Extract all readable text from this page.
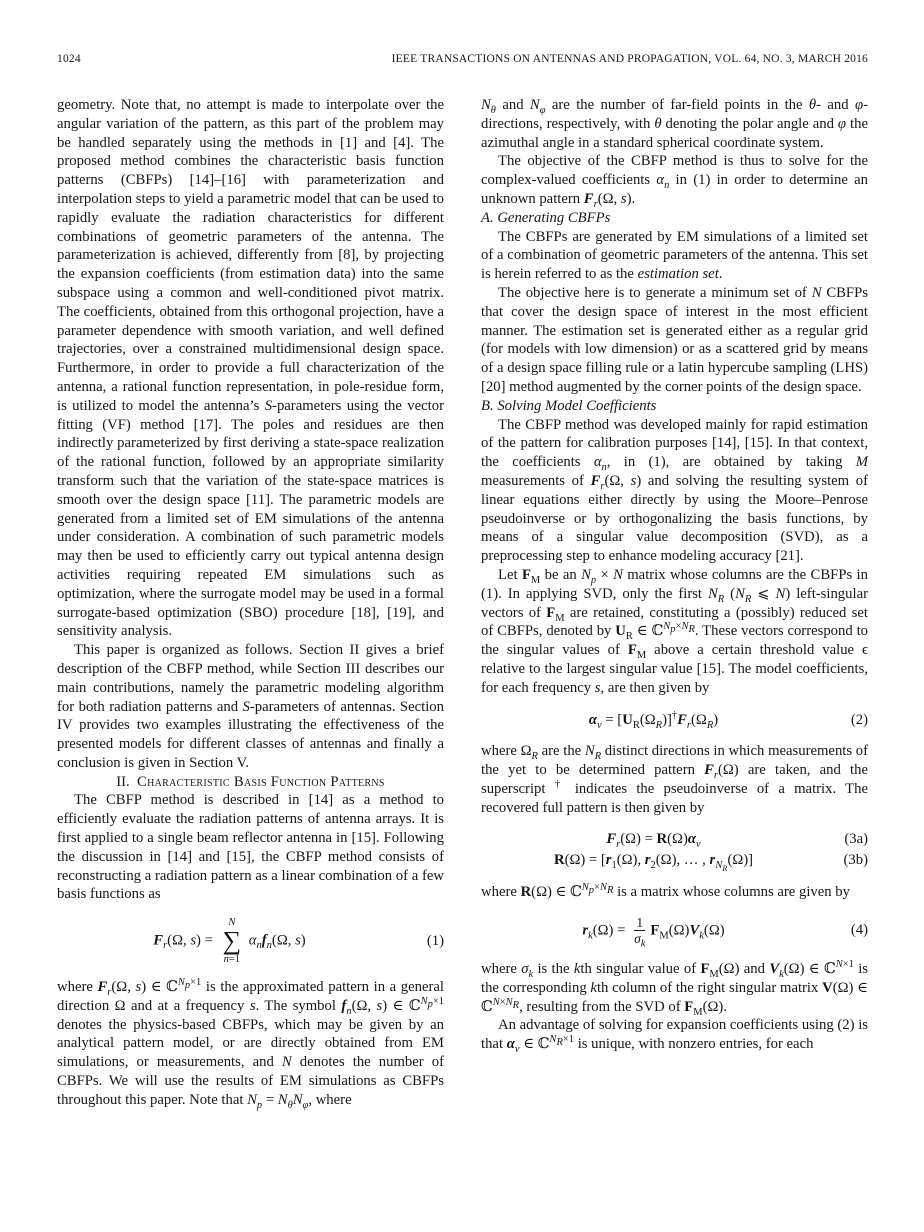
1024	IEEE TRANSACTIONS ON ANTENNAS AND PROPAGATION, VOL. 64, NO. 3, MARCH 2016

geometry. Note that, no attempt is made to interpolate over the angular variation of the pattern, as this part of the problem may be handled separately using the methods in [1] and [4]. The proposed method combines the characteristic basis function patterns (CBFPs) [14]–[16] with parameterization and interpolation steps to yield a parametric model that can be used to rapidly evaluate the radiation characteristics for different combinations of geometric parameters of the antenna. The parameterization is achieved, differently from [8], by projecting the expansion coefficients (from estimation data) into the same subspace using a common and well-conditioned pivot matrix. The coefficients, obtained from this orthogonal projection, have a parameter dependence with smooth variation, and well defined trajectories, over a constrained multidimensional design space. Furthermore, in order to provide a full characterization of the antenna, a rational function representation, in pole-residue form, is utilized to model the antenna’s S-parameters using the vector fitting (VF) method [17]. The poles and residues are then indirectly parameterized by first deriving a state-space realization of the rational function, followed by an appropriate similarity transform such that the variation of the state-space matrices is smooth over the design space [11]. The parametric models are generated from a limited set of EM simulations of the antenna under consideration. A combination of such parametric models may then be used to efficiently carry out typical antenna design activities requiring repeated EM simulations such as optimization, where the surrogate model may be used in a formal surrogate-based optimization (SBO) procedure [18], [19], and sensitivity analysis.

This paper is organized as follows. Section II gives a brief description of the CBFP method, while Section III describes our main contributions, namely the parametric modeling algorithm for both radiation patterns and S-parameters of antennas. Section IV provides two examples illustrating the effectiveness of the presented models for different classes of antennas and finally a conclusion is given in Section V.

II. Characteristic Basis Function Patterns

The CBFP method is described in [14] as a method to efficiently evaluate the radiation patterns of antenna arrays. It is first applied to a single beam reflector antenna in [15]. Following the discussion in [14] and [15], the CBFP method consists of reconstructing a radiation pattern as a linear combination of a few basis functions as

$F_r(\Omega$, s) =
N
∑
n=1
$\alpha_nf_n(\Omega$, s)	(1)

where $F_r(\Omega$, s) ∈ ℂ$^{N_p\times 1}$ is the approximated pattern in a general direction Ω and at a frequency s. The symbol $f_n(\Omega$, s) ∈ ℂ$^{N_p\times 1}$ denotes the physics-based CBFPs, which may be given by an analytical pattern model, or are directly obtained from EM simulations, or measurements, and N denotes the number of CBFPs. We will use the results of EM simulations as CBFPs throughout this paper. Note that $N_p = N_\theta N_\varphi$, where

$N_\theta$ and $N_\varphi$ are the number of far-field points in the θ- and φ-directions, respectively, with θ denoting the polar angle and φ the azimuthal angle in a standard spherical coordinate system.

The objective of the CBFP method is thus to solve for the complex-valued coefficients $\alpha_n$ in (1) in order to determine an unknown pattern $F_r(\Omega$, s).

A. Generating CBFPs

The CBFPs are generated by EM simulations of a limited set of a combination of geometric parameters of the antenna. This set is herein referred to as the estimation set.

The objective here is to generate a minimum set of N CBFPs that cover the design space of interest in the most efficient manner. The estimation set is generated either as a regular grid (for models with low dimension) or as a scattered grid by means of a design space filling rule or a latin hypercube sampling (LHS) [20] method augmented by the corner points of the design space.

B. Solving Model Coefficients

The CBFP method was developed mainly for rapid estimation of the pattern for calibration purposes [14], [15]. In that context, the coefficients $\alpha_n$, in (1), are obtained by taking M measurements of $F_r(\Omega$, s) and solving the resulting system of linear equations either directly by using the Moore–Penrose pseudoinverse or by orthogonalizing the basis functions, by means of a singular value decomposition (SVD), as a preprocessing step to enhance modeling accuracy [21].

Let $F_M$ be an $N_p \times N$ matrix whose columns are the CBFPs in (1). In applying SVD, only the first $N_R$ ($N_R$ ⩽ N) left-singular vectors of $F_M$ are retained, constituting a (possibly) reduced set of CBFPs, denoted by $U_R$ ∈ ℂ$^{N_p\times N_R}$. These vectors correspond to the singular values of $F_M$ above a certain threshold value ϵ relative to the largest singular value [15]. The model coefficients, for each frequency s, are then given by

$\alpha_v = [U_R(\Omega_R)]^\dagger F_r(\Omega_R)$	(2)

where $\Omega_R$ are the $N_R$ distinct directions in which measurements of the yet to be determined pattern $F_r(\Omega)$ are taken, and the superscript † indicates the pseudoinverse of a matrix. The recovered full pattern is then given by

$F_r(\Omega) = R(\Omega)\alpha_v$	(3a)
$R(\Omega) = [r_1(\Omega)$, $r_2(\Omega)$, … , $r_{N_R}(\Omega)$]	(3b)

where R(Ω) ∈ ℂ$^{N_p\times N_R}$ is a matrix whose columns are given by

$r_k(\Omega) = \frac{1}{\sigma_k} F_M(\Omega)V_k(\Omega)$	(4)

where $\sigma_k$ is the kth singular value of $F_M(\Omega)$ and $V_k(\Omega)$ ∈ ℂ$^{N\times 1}$ is the corresponding kth column of the right singular matrix V(Ω) ∈ ℂ$^{N\times N_R}$, resulting from the SVD of $F_M(\Omega)$.

An advantage of solving for expansion coefficients using (2) is that $\alpha_v$ ∈ ℂ$^{N_R\times 1}$ is unique, with nonzero entries, for each
